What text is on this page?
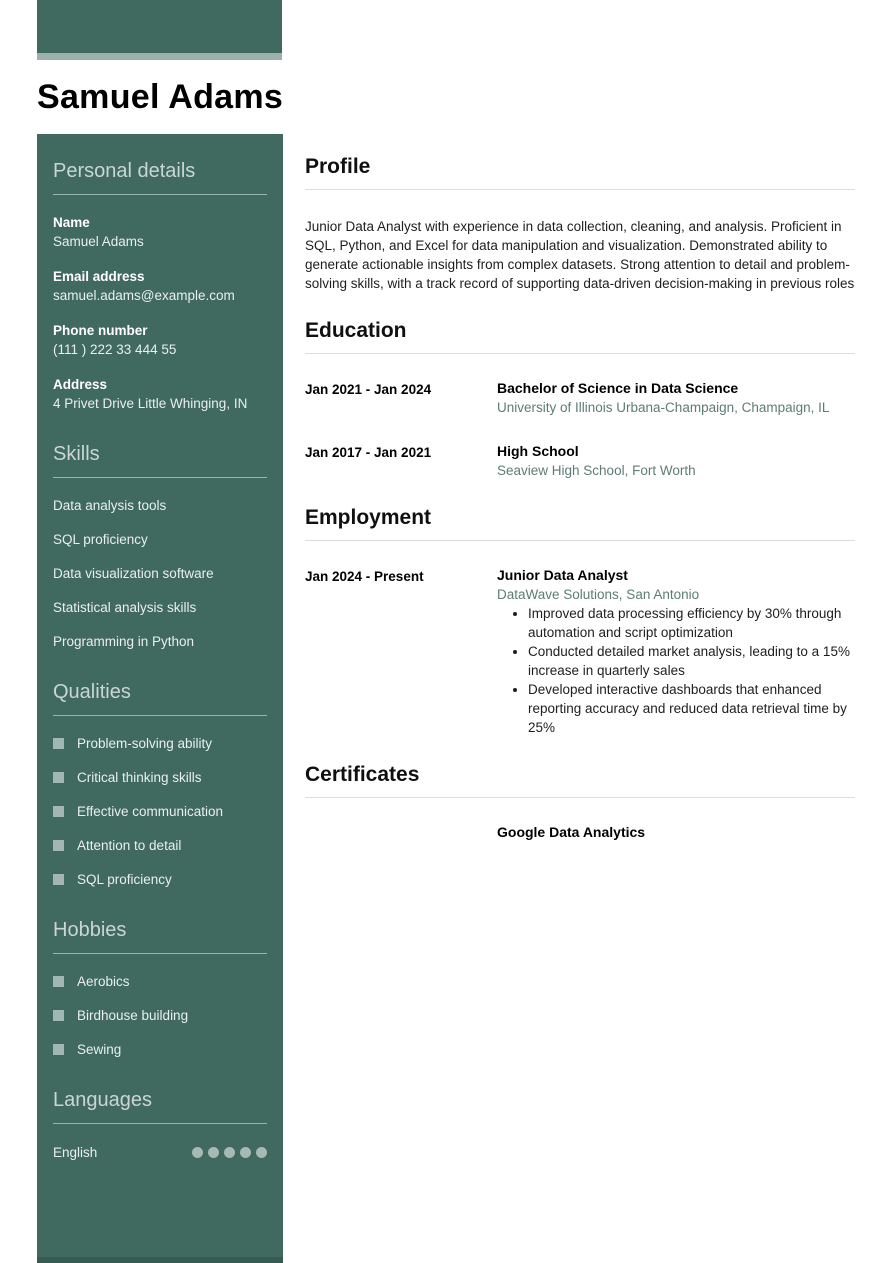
Samuel Adams
Personal details
Name
Samuel Adams
Email address
samuel.adams@example.com
Phone number
(111 ) 222 33 444 55
Address
4 Privet Drive Little Whinging, IN
Skills
Data analysis tools
SQL proficiency
Data visualization software
Statistical analysis skills
Programming in Python
Qualities
Problem-solving ability
Critical thinking skills
Effective communication
Attention to detail
SQL proficiency
Hobbies
Aerobics
Birdhouse building
Sewing
Languages
English
Profile

Junior Data Analyst with experience in data collection, cleaning, and analysis. Proficient in SQL, Python, and Excel for data manipulation and visualization. Demonstrated ability to generate actionable insights from complex datasets. Strong attention to detail and problem-solving skills, with a track record of supporting data-driven decision-making in previous roles

Education
Jan 2021 - Jan 2024	Bachelor of Science in Data Science
University of Illinois Urbana-Champaign, Champaign, IL
Jan 2017 - Jan 2021	High School
Seaview High School, Fort Worth
Employment
Jan 2024 - Present	Junior Data Analyst
DataWave Solutions, San Antonio
• Improved data processing efficiency by 30% through automation and script optimization
• Conducted detailed market analysis, leading to a 15% increase in quarterly sales
• Developed interactive dashboards that enhanced reporting accuracy and reduced data retrieval time by 25%
Certificates
Google Data Analytics
